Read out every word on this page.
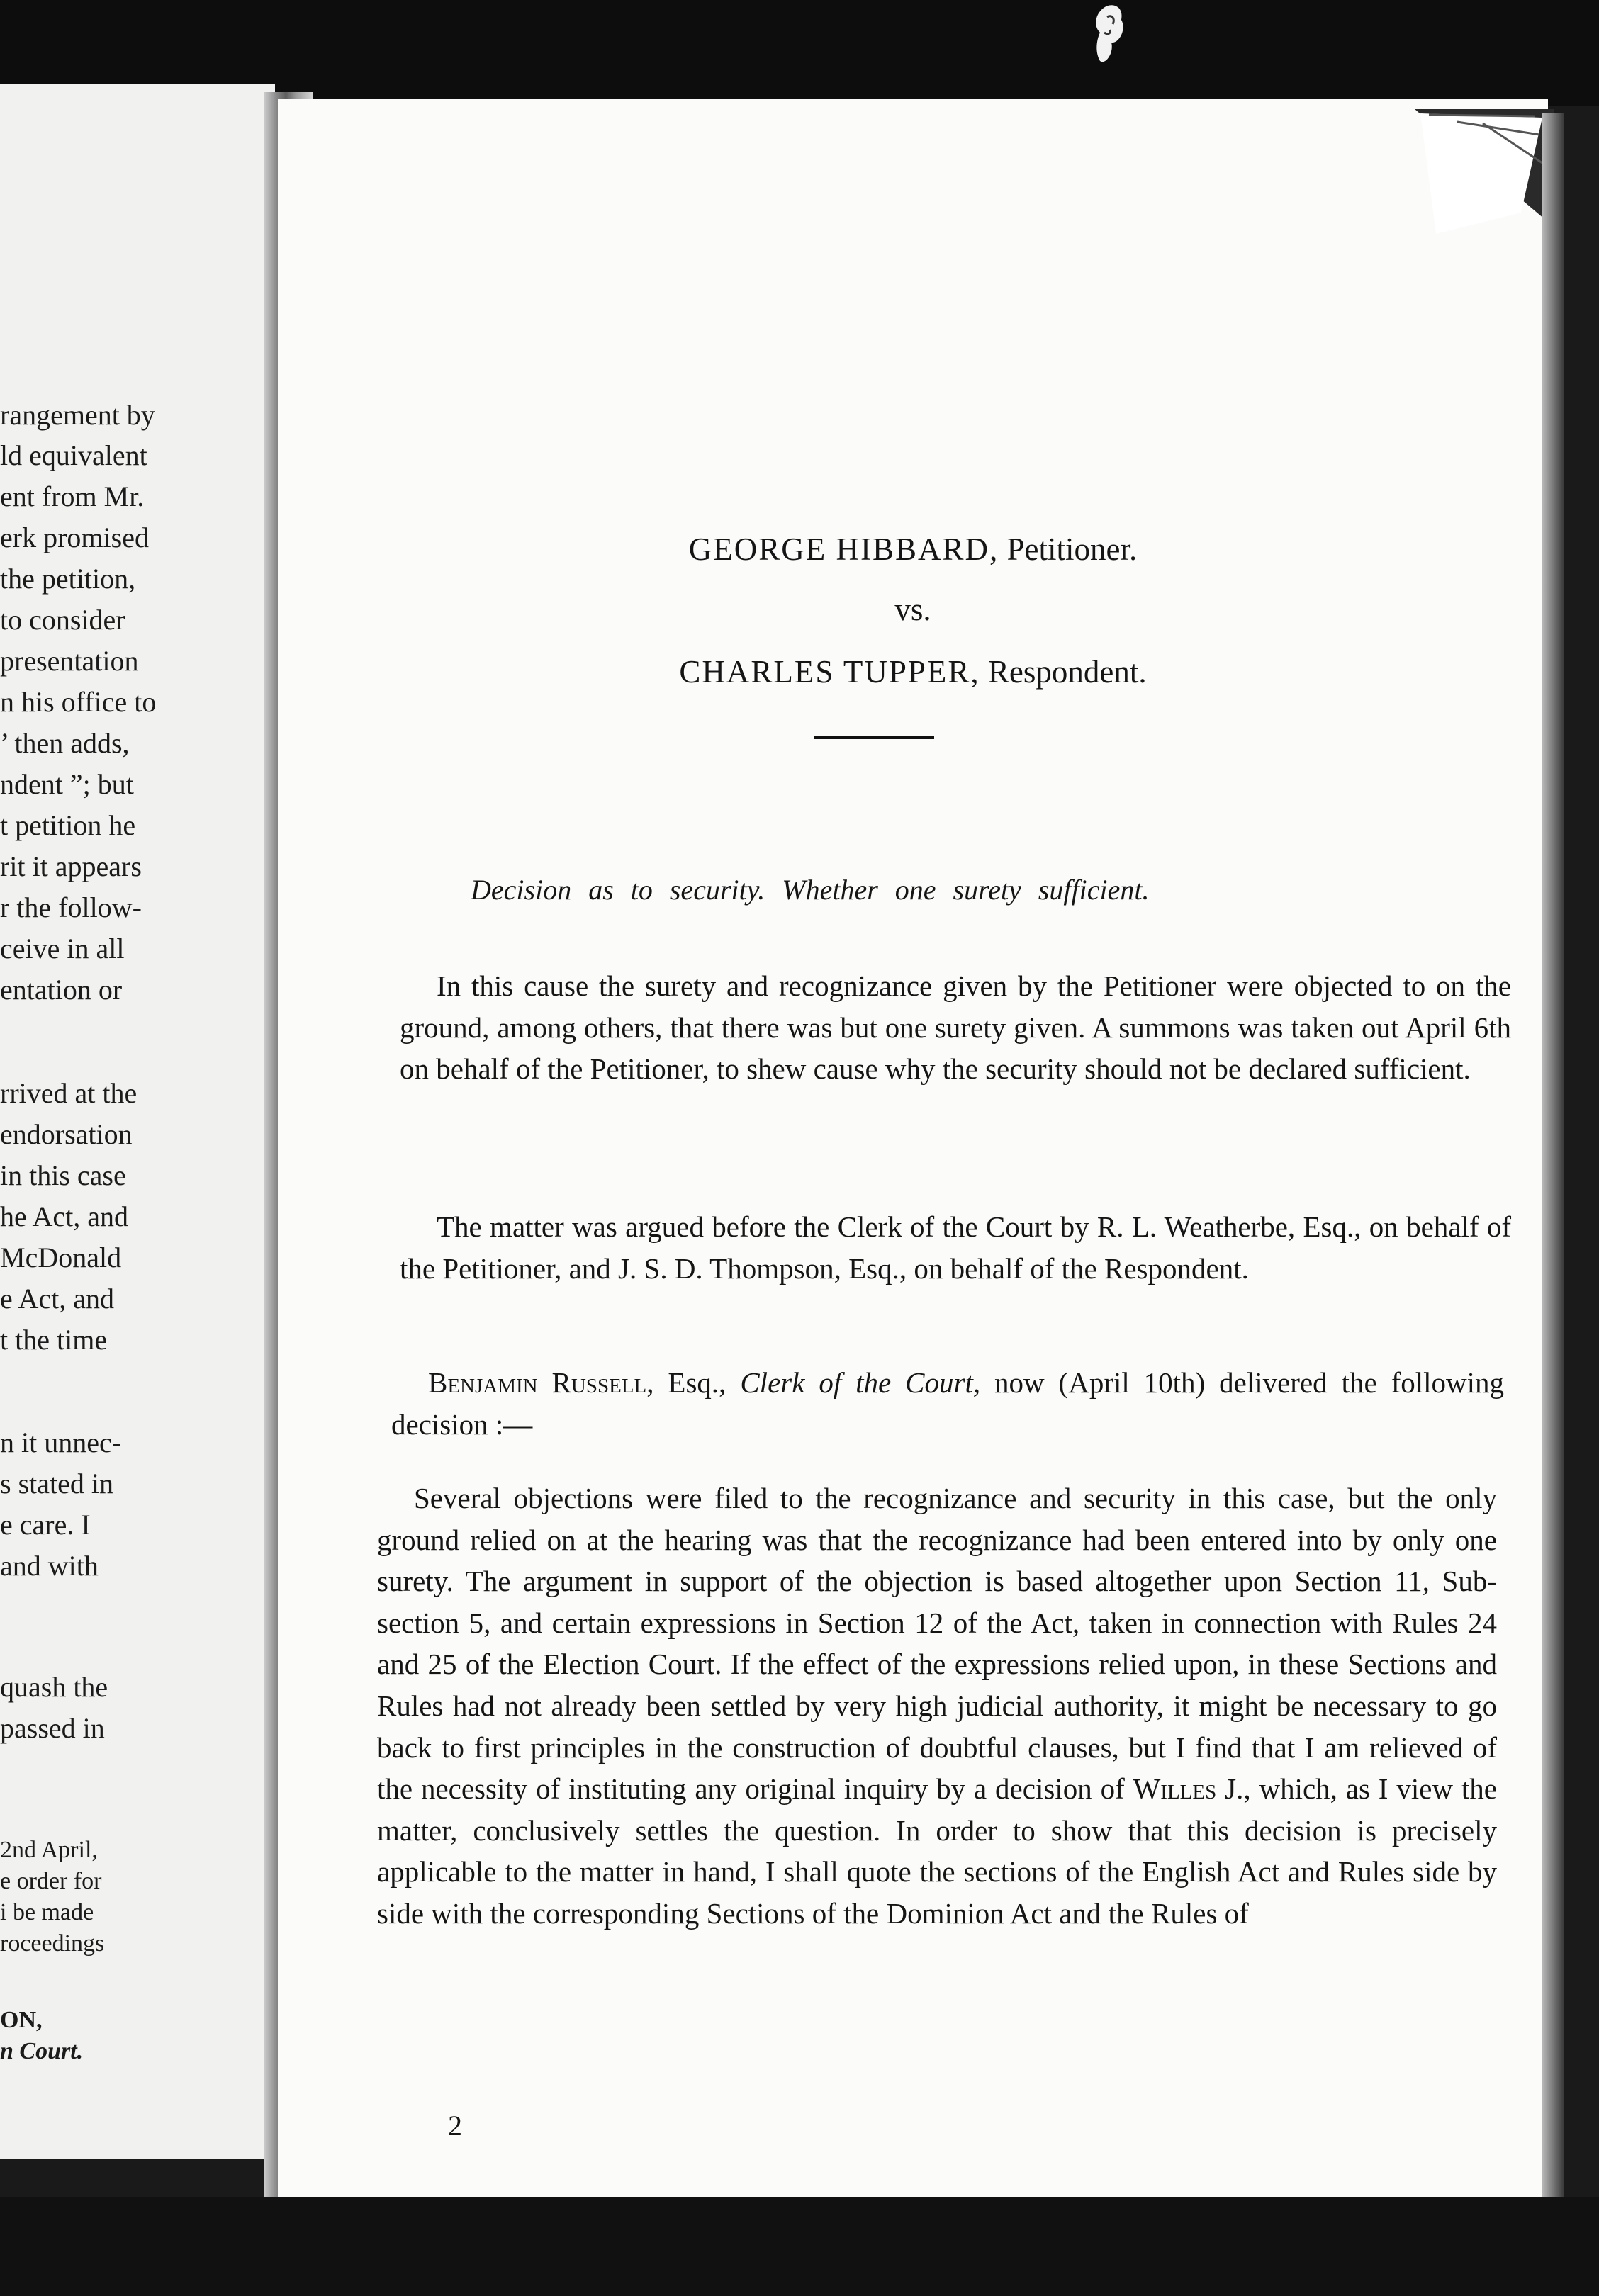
rangement by
ld equivalent
ent from Mr.
erk promised
the petition,
to consider
presentation
n his office to
’ then adds,
ndent ”; but
t petition he
rit it appears
r the follow-
ceive in all
entation or
rrived at the
endorsation
in this case
he Act, and
McDonald
e Act, and
t the time
n it unnec-
s stated in
e care. I
and with
quash the
passed in
2nd April,
e order for
i be made
roceedings
ON,
n Court.
GEORGE HIBBARD, Petitioner.
vs.
CHARLES TUPPER, Respondent.
Decision as to security. Whether one surety sufficient.

In this cause the surety and recognizance given by the Petitioner were objected to on the ground, among others, that there was but one surety given. A summons was taken out April 6th on behalf of the Petitioner, to shew cause why the security should not be declared sufficient.

The matter was argued before the Clerk of the Court by R. L. Weatherbe, Esq., on behalf of the Petitioner, and J. S. D. Thompson, Esq., on behalf of the Respondent.

Benjamin Russell, Esq., Clerk of the Court, now (April 10th) delivered the following decision :—

Several objections were filed to the recognizance and security in this case, but the only ground relied on at the hearing was that the recognizance had been entered into by only one surety. The argument in support of the objection is based altogether upon Section 11, Sub-section 5, and certain expressions in Section 12 of the Act, taken in connection with Rules 24 and 25 of the Election Court. If the effect of the expressions relied upon, in these Sections and Rules had not already been settled by very high judicial authority, it might be necessary to go back to first principles in the construction of doubtful clauses, but I find that I am relieved of the necessity of instituting any original inquiry by a decision of Willes J., which, as I view the matter, conclusively settles the question. In order to show that this decision is precisely applicable to the matter in hand, I shall quote the sections of the English Act and Rules side by side with the corresponding Sections of the Dominion Act and the Rules of

2
